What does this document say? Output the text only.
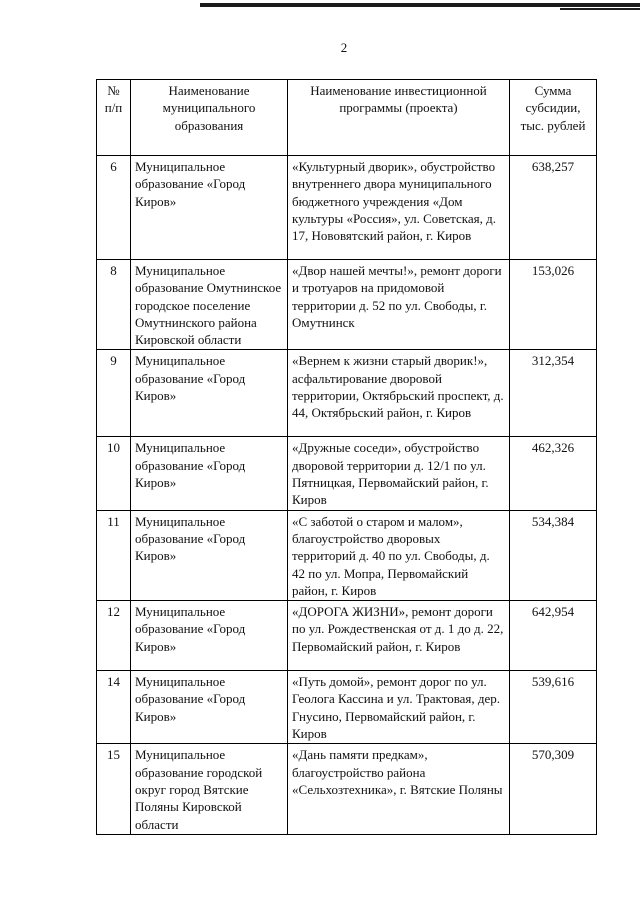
2
№ п/п	Наименование муниципального образования	Наименование инвестиционной программы (проекта)	Сумма субсидии, тыс. рублей
6	Муниципальное образование «Город Киров»	«Культурный дворик», обустройство внутреннего двора муниципального бюджетного учреждения «Дом культуры «Россия», ул. Советская, д. 17, Нововятский район, г. Киров	638,257
8	Муниципальное образование Омутнинское городское поселение Омутнинского района Кировской области	«Двор нашей мечты!», ремонт дороги и тротуаров на придомовой территории д. 52 по ул. Свободы, г. Омутнинск	153,026
9	Муниципальное образование «Город Киров»	«Вернем к жизни старый дворик!», асфальтирование дворовой территории, Октябрьский проспект, д. 44, Октябрьский район, г. Киров	312,354
10	Муниципальное образование «Город Киров»	«Дружные соседи», обустройство дворовой территории д. 12/1 по ул. Пятницкая, Первомайский район, г. Киров	462,326
11	Муниципальное образование «Город Киров»	«С заботой о старом и малом», благоустройство дворовых территорий д. 40 по ул. Свободы, д. 42 по ул. Мопра, Первомайский район, г. Киров	534,384
12	Муниципальное образование «Город Киров»	«ДОРОГА ЖИЗНИ», ремонт дороги по ул. Рождественская от д. 1 до д. 22, Первомайский район, г. Киров	642,954
14	Муниципальное образование «Город Киров»	«Путь домой», ремонт дорог по ул. Геолога Кассина и ул. Трактовая, дер. Гнусино, Первомайский район, г. Киров	539,616
15	Муниципальное образование городской округ город Вятские Поляны Кировской области	«Дань памяти предкам», благоустройство района «Сельхозтехника», г. Вятские Поляны	570,309
